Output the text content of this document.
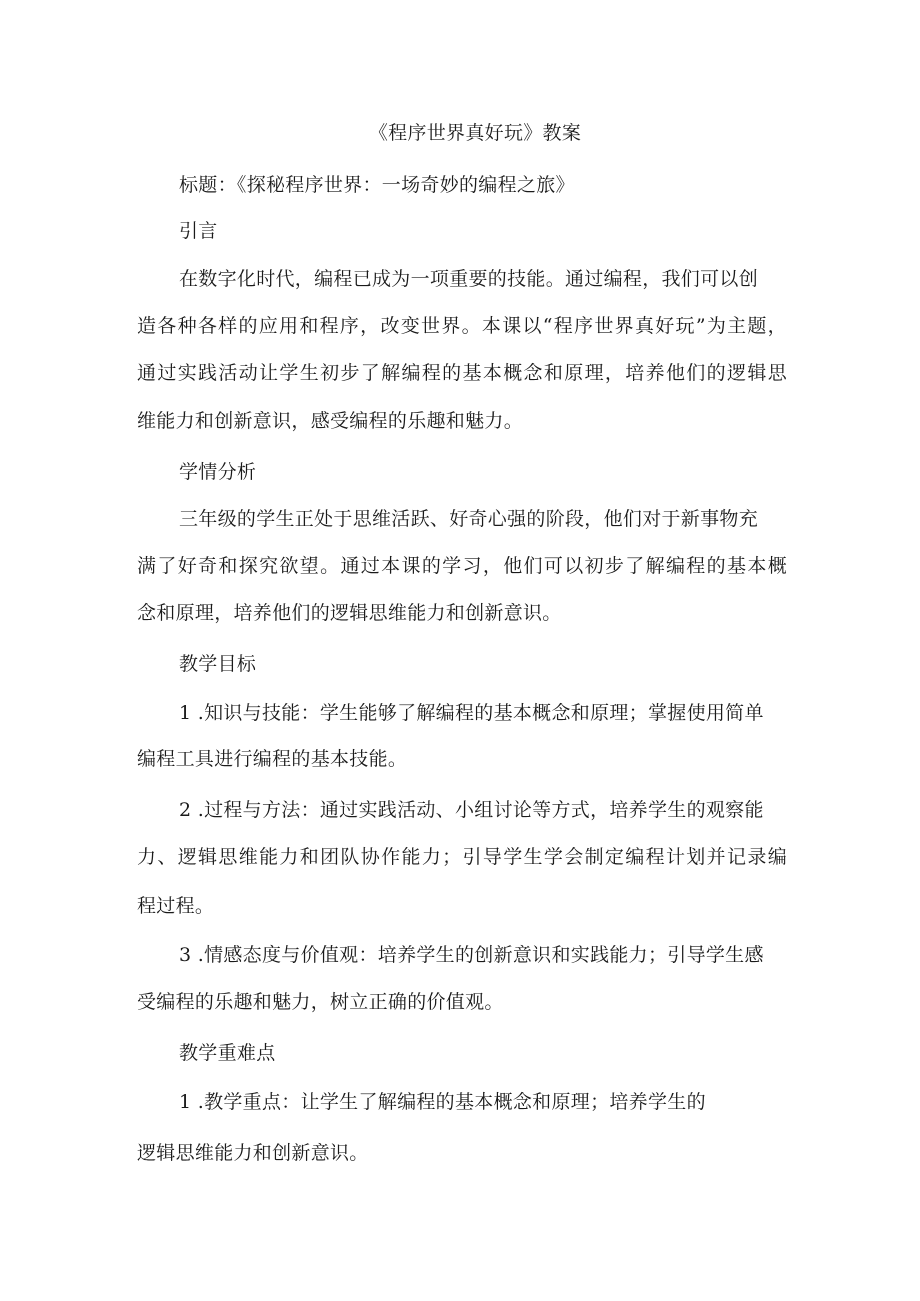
《程序世界真好玩》教案
标题：《探秘程序世界：一场奇妙的编程之旅》
引言
在数字化时代，编程已成为一项重要的技能。通过编程，我们可以创
造各种各样的应用和程序，改变世界。本课以“程序世界真好玩”为主题，
通过实践活动让学生初步了解编程的基本概念和原理，培养他们的逻辑思
维能力和创新意识，感受编程的乐趣和魅力。
学情分析
三年级的学生正处于思维活跃、好奇心强的阶段，他们对于新事物充
满了好奇和探究欲望。通过本课的学习，他们可以初步了解编程的基本概
念和原理，培养他们的逻辑思维能力和创新意识。
教学目标
1 .知识与技能：学生能够了解编程的基本概念和原理；掌握使用简单
编程工具进行编程的基本技能。
2 .过程与方法：通过实践活动、小组讨论等方式，培养学生的观察能
力、逻辑思维能力和团队协作能力；引导学生学会制定编程计划并记录编
程过程。
3 .情感态度与价值观：培养学生的创新意识和实践能力；引导学生感
受编程的乐趣和魅力，树立正确的价值观。
教学重难点
1 .教学重点：让学生了解编程的基本概念和原理；培养学生的
逻辑思维能力和创新意识。
